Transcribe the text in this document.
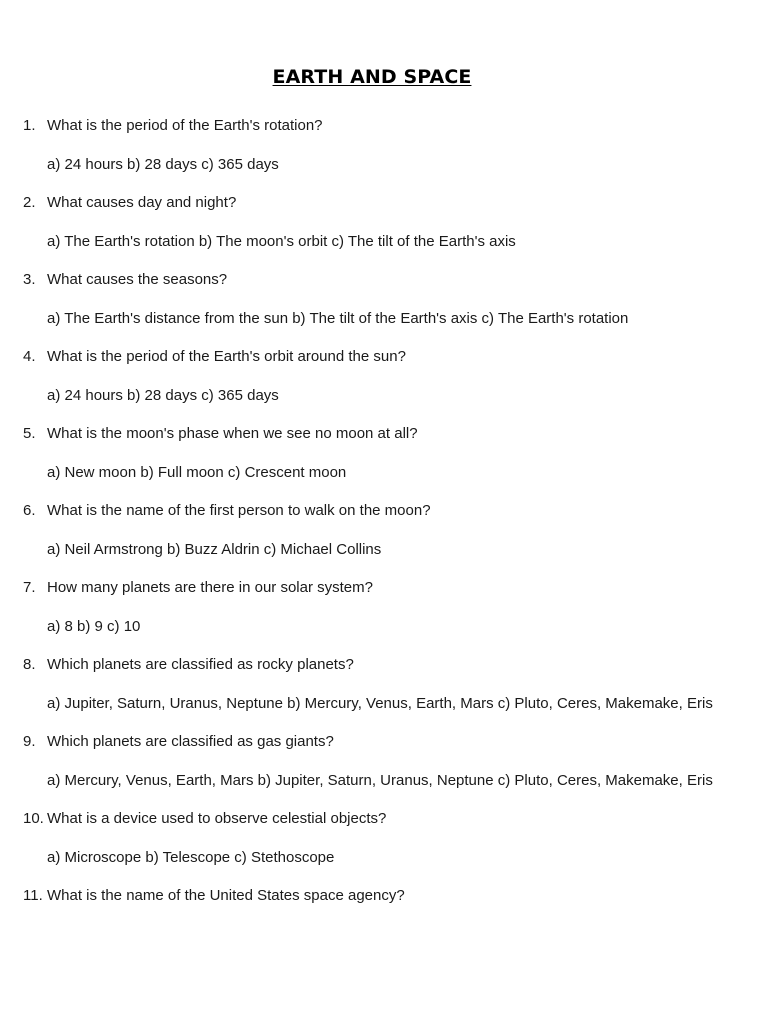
EARTH AND SPACE
1. What is the period of the Earth's rotation?
a) 24 hours b) 28 days c) 365 days
2. What causes day and night?
a) The Earth's rotation b) The moon's orbit c) The tilt of the Earth's axis
3. What causes the seasons?
a) The Earth's distance from the sun b) The tilt of the Earth's axis c) The Earth's rotation
4. What is the period of the Earth's orbit around the sun?
a) 24 hours b) 28 days c) 365 days
5. What is the moon's phase when we see no moon at all?
a) New moon b) Full moon c) Crescent moon
6. What is the name of the first person to walk on the moon?
a) Neil Armstrong b) Buzz Aldrin c) Michael Collins
7. How many planets are there in our solar system?
a) 8 b) 9 c) 10
8. Which planets are classified as rocky planets?
a) Jupiter, Saturn, Uranus, Neptune b) Mercury, Venus, Earth, Mars c) Pluto, Ceres, Makemake, Eris
9. Which planets are classified as gas giants?
a) Mercury, Venus, Earth, Mars b) Jupiter, Saturn, Uranus, Neptune c) Pluto, Ceres, Makemake, Eris
10. What is a device used to observe celestial objects?
a) Microscope b) Telescope c) Stethoscope
11. What is the name of the United States space agency?
